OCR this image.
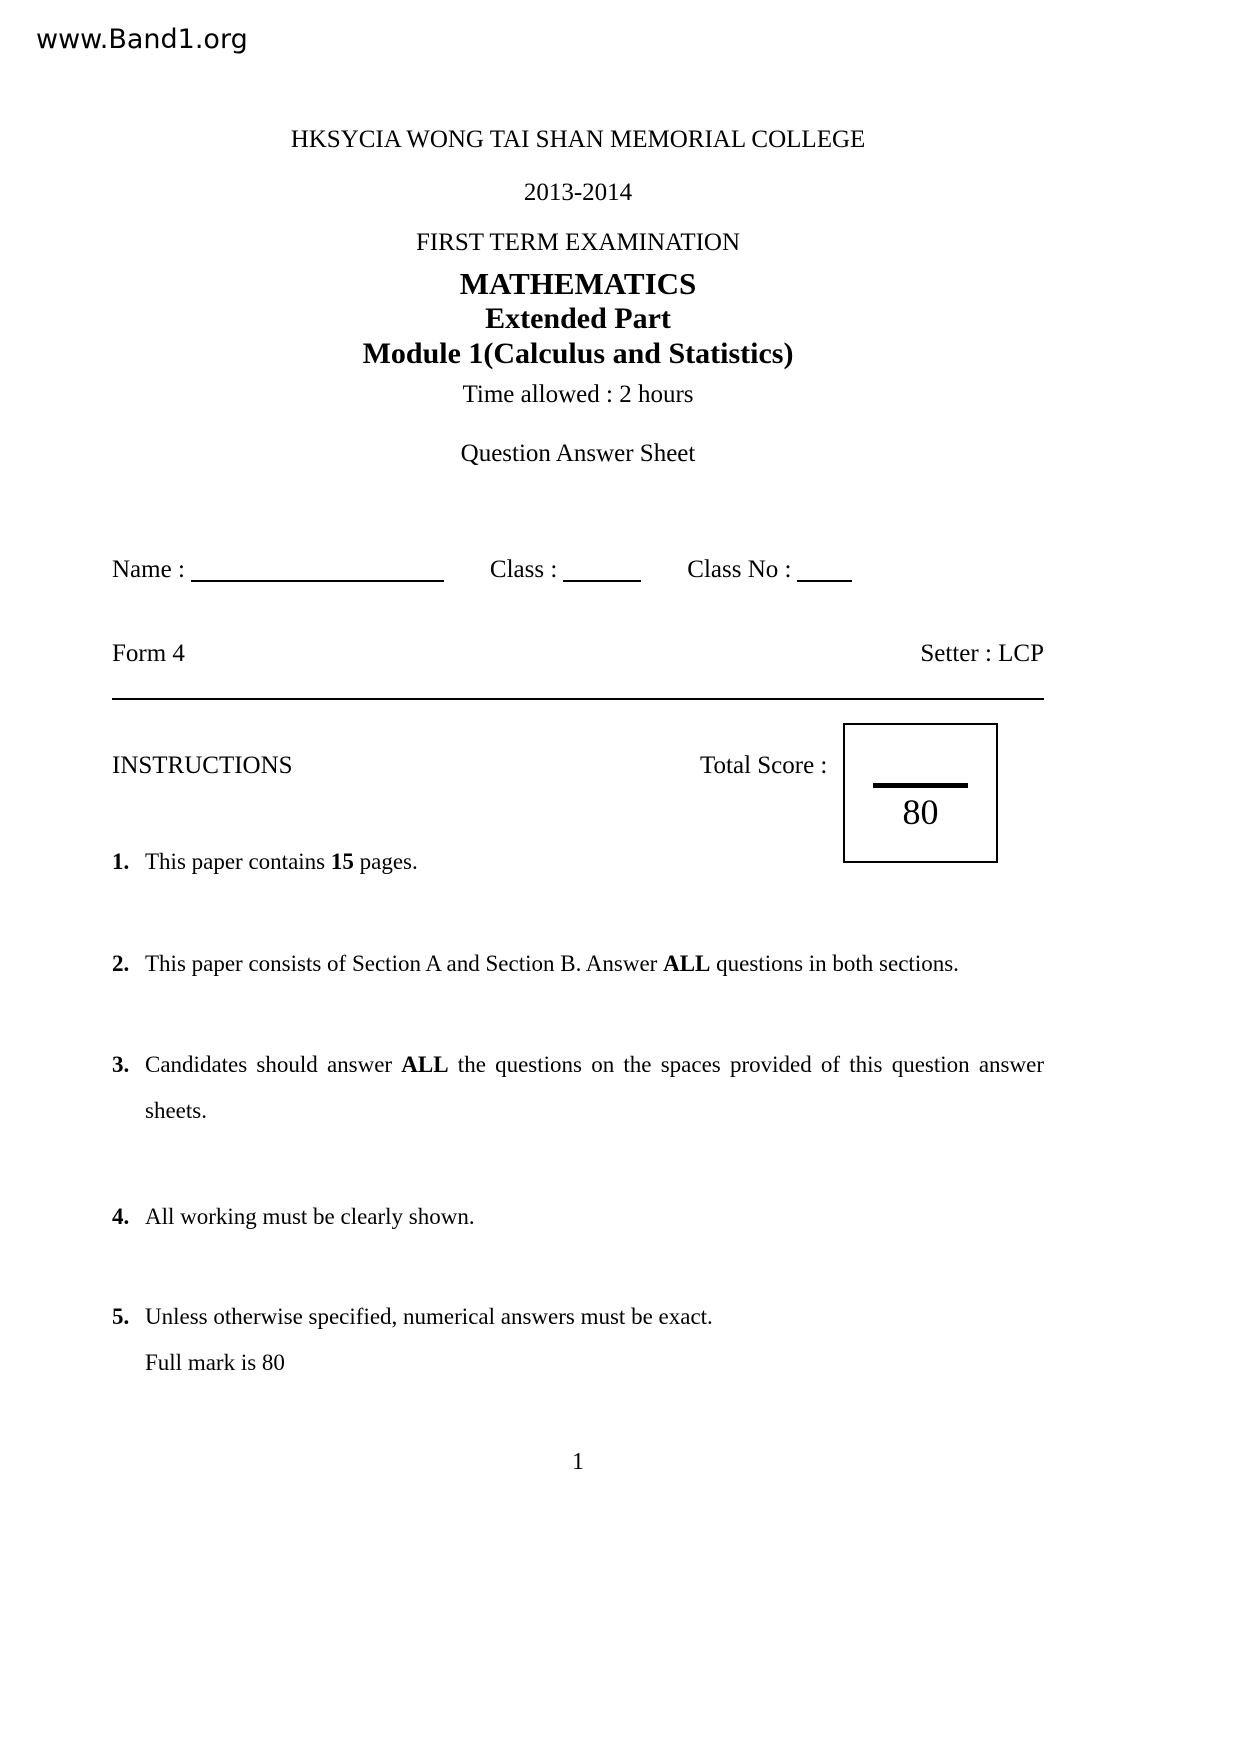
www.Band1.org
HKSYCIA WONG TAI SHAN MEMORIAL COLLEGE
2013-2014
FIRST TERM EXAMINATION
MATHEMATICS
Extended Part
Module 1(Calculus and Statistics)
Time allowed : 2 hours
Question Answer Sheet
Name :	Class :	Class No :
Form 4	Setter : LCP
INSTRUCTIONS	Total Score :
80
1. This paper contains 15 pages.
2. This paper consists of Section A and Section B. Answer ALL questions in both sections.
3. Candidates should answer ALL the questions on the spaces provided of this question answer sheets.
4. All working must be clearly shown.
5. Unless otherwise specified, numerical answers must be exact.
Full mark is 80
1
